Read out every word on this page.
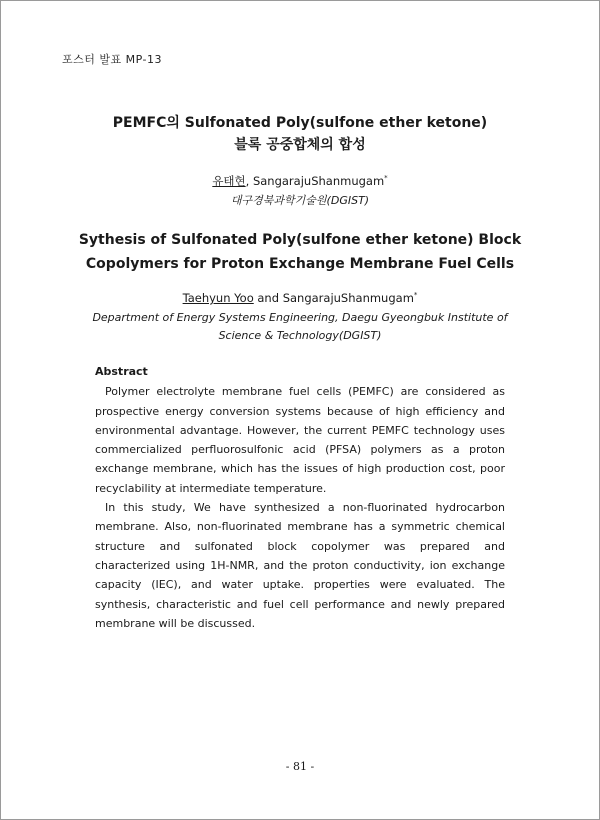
포스터 발표 MP-13
PEMFC의 Sulfonated Poly(sulfone ether ketone)
블록 공중합체의 합성
유태현, SangarajuShanmugam*
대구경북과학기술원(DGIST)
Sythesis of Sulfonated Poly(sulfone ether ketone) Block
Copolymers for Proton Exchange Membrane Fuel Cells
Taehyun Yoo and SangarajuShanmugam*
Department of Energy Systems Engineering, Daegu Gyeongbuk Institute of
Science & Technology(DGIST)
Abstract

Polymer electrolyte membrane fuel cells (PEMFC) are considered as prospective energy conversion systems because of high efficiency and environmental advantage. However, the current PEMFC technology uses commercialized perfluorosulfonic acid (PFSA) polymers as a proton exchange membrane, which has the issues of high production cost, poor recyclability at intermediate temperature.

In this study, We have synthesized a non-fluorinated hydrocarbon membrane. Also, non-fluorinated membrane has a symmetric chemical structure and sulfonated block copolymer was prepared and characterized using 1H-NMR, and the proton conductivity, ion exchange capacity (IEC), and water uptake. properties were evaluated. The synthesis, characteristic and fuel cell performance and newly prepared membrane will be discussed.

- 81 -
